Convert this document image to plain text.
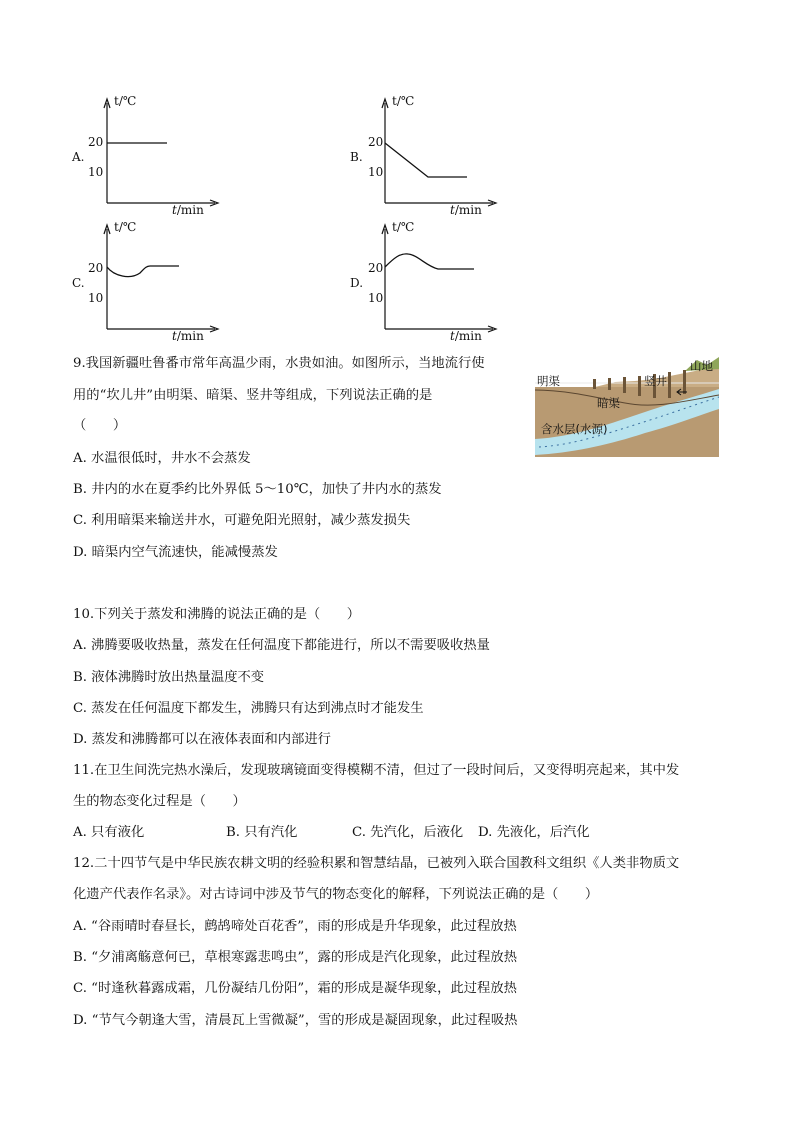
A.
t/℃
20
10
t/min
B.
t/℃
20
10
t/min
C.
t/℃
20
10
t/min
D.
t/℃
20
10
t/min
9.我国新疆吐鲁番市常年高温少雨，水贵如油。如图所示，当地流行使
用的“坎儿井”由明渠、暗渠、竖井等组成，下列说法正确的是
（　　）
A. 水温很低时，井水不会蒸发
B. 井内的水在夏季约比外界低 5～10℃，加快了井内水的蒸发
C. 利用暗渠来输送井水，可避免阳光照射，减少蒸发损失
D. 暗渠内空气流速快，能减慢蒸发
明渠	竖井
山地
暗渠
含水层(水源)
10.下列关于蒸发和沸腾的说法正确的是（　　）
A. 沸腾要吸收热量，蒸发在任何温度下都能进行，所以不需要吸收热量
B. 液体沸腾时放出热量温度不变
C. 蒸发在任何温度下都发生，沸腾只有达到沸点时才能发生
D. 蒸发和沸腾都可以在液体表面和内部进行
11.在卫生间洗完热水澡后，发现玻璃镜面变得模糊不清，但过了一段时间后，又变得明亮起来，其中发
生的物态变化过程是（　　）
A. 只有液化	B. 只有汽化	C. 先汽化，后液化 D. 先液化，后汽化
12.二十四节气是中华民族农耕文明的经验积累和智慧结晶，已被列入联合国教科文组织《人类非物质文
化遗产代表作名录》。对古诗词中涉及节气的物态变化的解释，下列说法正确的是（　　）
A. “谷雨晴时春昼长，鹧鸪啼处百花香”，雨的形成是升华现象，此过程放热
B. “夕浦离觞意何已，草根寒露悲鸣虫”，露的形成是汽化现象，此过程放热
C. “时逢秋暮露成霜，几份凝结几份阳”，霜的形成是凝华现象，此过程放热
D. “节气今朝逢大雪，清晨瓦上雪微凝”，雪的形成是凝固现象，此过程吸热
